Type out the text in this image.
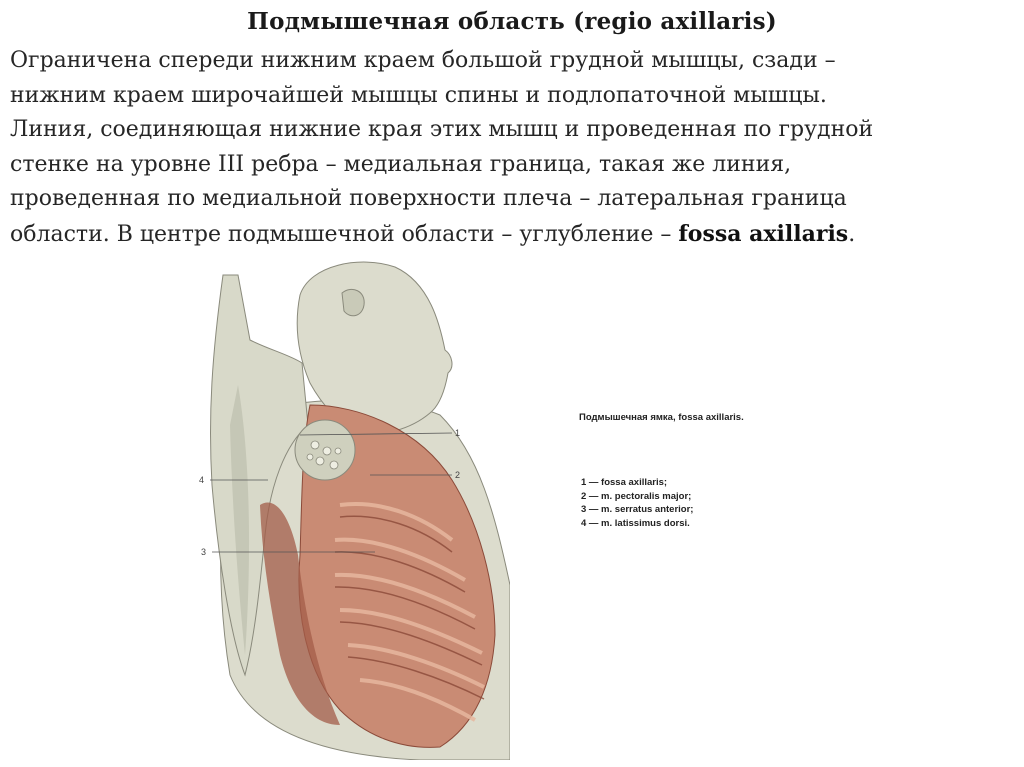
Подмышечная область (regio axillaris)
Ограничена спереди нижним краем большой грудной мышцы, сзади –
нижним краем широчайшей мышцы спины и подлопаточной мышцы.
Линия, соединяющая нижние края этих мышц и проведенная по грудной
стенке на уровне III ребра – медиальная граница, такая же линия,
проведенная по медиальной поверхности плеча – латеральная граница
области. В центре подмышечной области – углубление – fossa axillaris.
1
2
3
4
Подмышечная ямка, fossa axillaris.
1 — fossa axillaris;
2 — m. pectoralis major;
3 — m. serratus anterior;
4 — m. latissimus dorsi.
